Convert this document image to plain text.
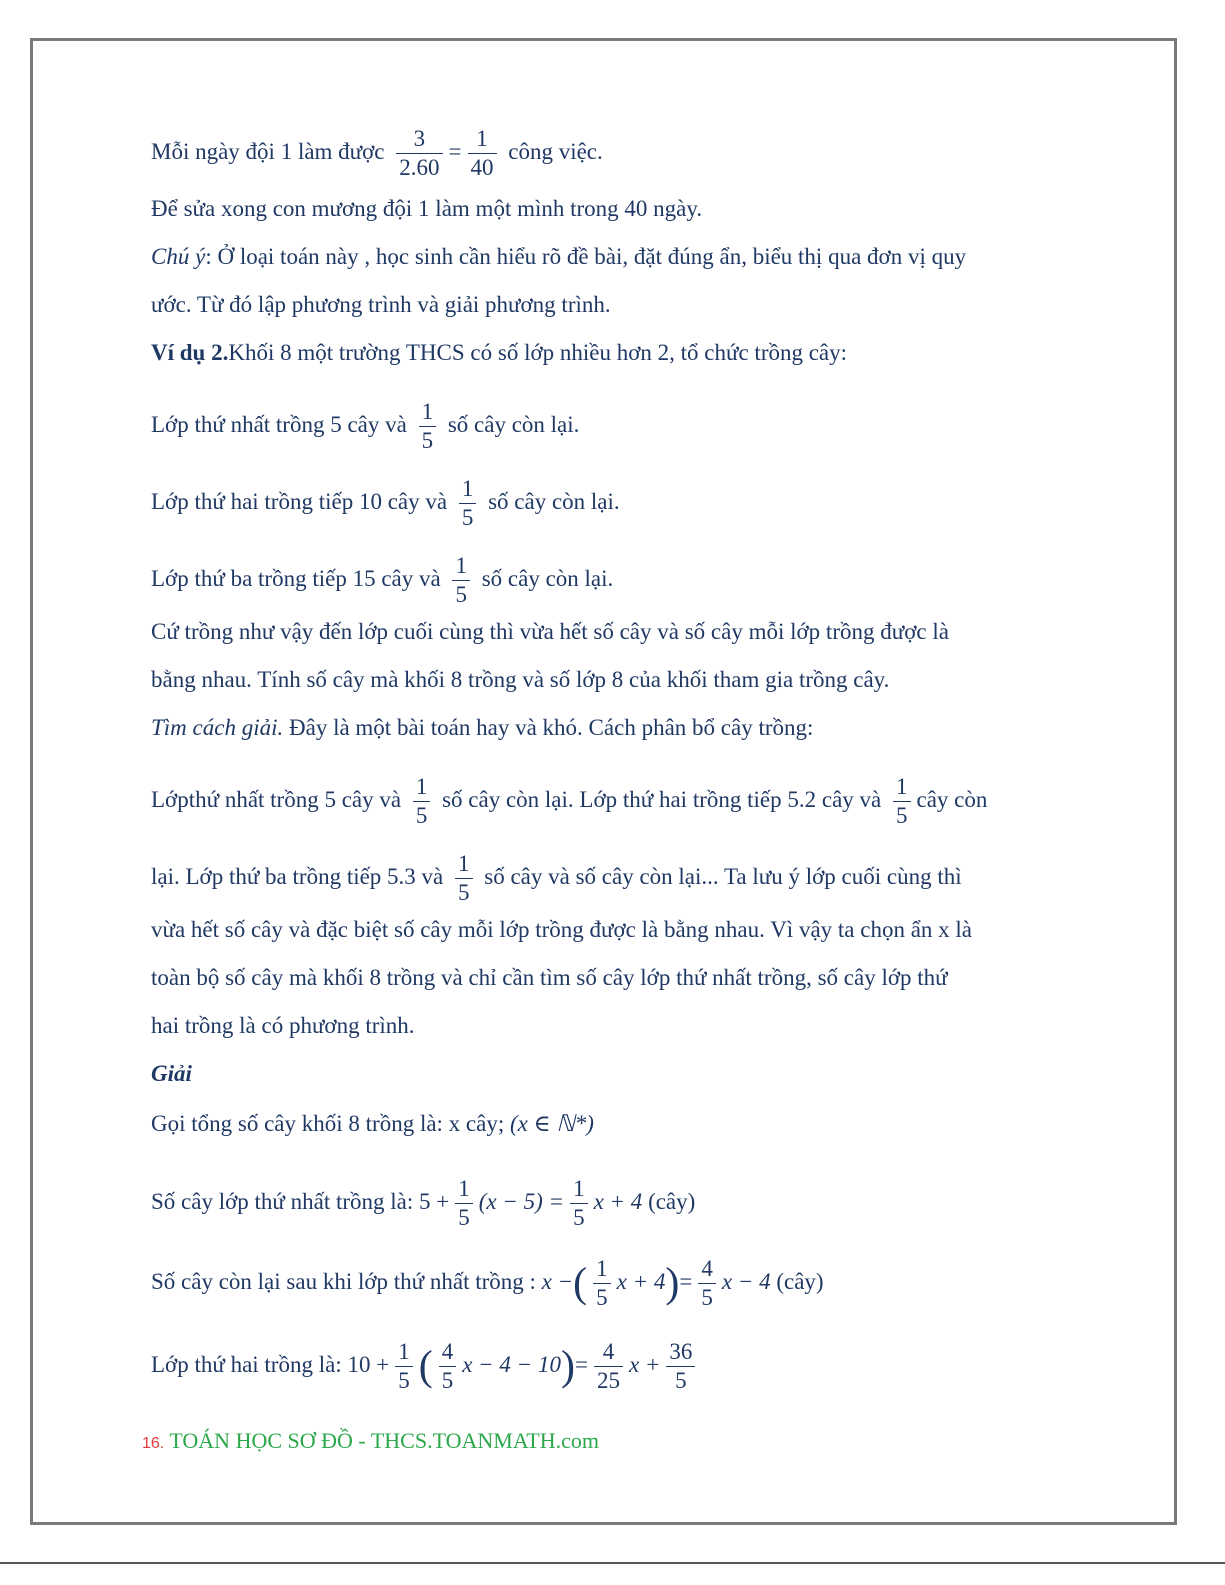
Mỗi ngày đội 1 làm được $\frac{3}{2.60} = \frac{1}{40}$ công việc.
Để sửa xong con mương đội 1 làm một mình trong 40 ngày.
Chú ý: Ở loại toán này , học sinh cần hiểu rõ đề bài, đặt đúng ẩn, biểu thị qua đơn vị quy
ước. Từ đó lập phương trình và giải phương trình.
Ví dụ 2.Khối 8 một trường THCS có số lớp nhiều hơn 2, tổ chức trồng cây:
Lớp thứ nhất trồng 5 cây và $\frac{1}{5}$ số cây còn lại.
Lớp thứ hai trồng tiếp 10 cây và $\frac{1}{5}$ số cây còn lại.
Lớp thứ ba trồng tiếp 15 cây và $\frac{1}{5}$ số cây còn lại.
Cứ trồng như vậy đến lớp cuối cùng thì vừa hết số cây và số cây mỗi lớp trồng được là
bằng nhau. Tính số cây mà khối 8 trồng và số lớp 8 của khối tham gia trồng cây.
Tìm cách giải. Đây là một bài toán hay và khó. Cách phân bổ cây trồng:
Lớpthứ nhất trồng 5 cây và $\frac{1}{5}$ số cây còn lại. Lớp thứ hai trồng tiếp 5.2 cây và $\frac{1}{5}$ cây còn
lại. Lớp thứ ba trồng tiếp 5.3 và $\frac{1}{5}$ số cây và số cây còn lại... Ta lưu ý lớp cuối cùng thì
vừa hết số cây và đặc biệt số cây mỗi lớp trồng được là bằng nhau. Vì vậy ta chọn ẩn x là
toàn bộ số cây mà khối 8 trồng và chỉ cần tìm số cây lớp thứ nhất trồng, số cây lớp thứ
hai trồng là có phương trình.
Giải
Gọi tổng số cây khối 8 trồng là: x cây; (x ∈ ℕ*)
Số cây lớp thứ nhất trồng là: $5 + \frac{1}{5} (x - 5) = \frac{1}{5}$ x + 4 (cây)
Số cây còn lại sau khi lớp thứ nhất trồng : x −( $\frac{1}{5}$ $x + 4)= \frac{4}{5}$ x − 4 (cây)
Lớp thứ hai trồng là: $10 + \frac{1}{5}$ ( $\frac{4}{5}$ $x - 4 - 10)= \frac{4}{25}$ $x + \frac{36}{5}$
16. TOÁN HỌC SƠ ĐỒ - THCS.TOANMATH.com
